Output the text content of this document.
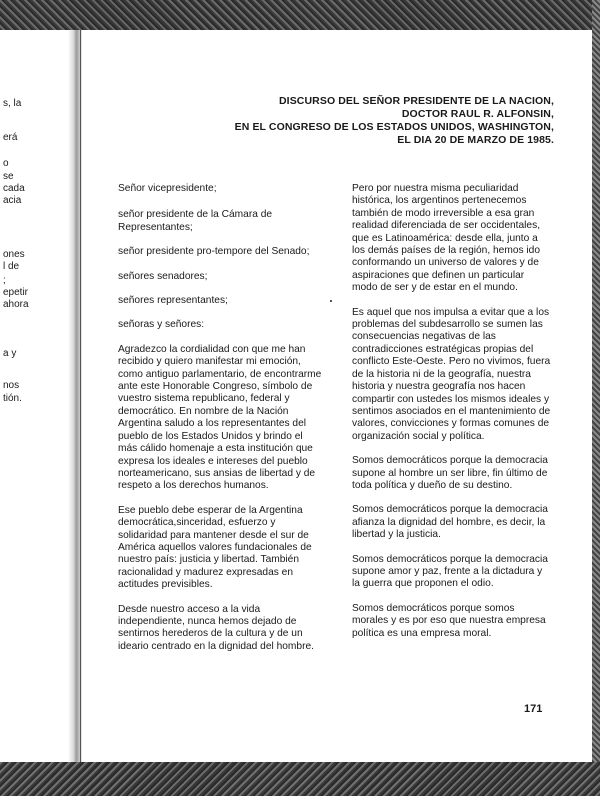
s, la
erá
o
se
cada
acia
ones
l de
;
epetir
ahora
a y
nos
tión.
DISCURSO DEL SEÑOR PRESIDENTE DE LA NACION,
DOCTOR RAUL R. ALFONSIN,
EN EL CONGRESO DE LOS ESTADOS UNIDOS, WASHINGTON,
EL DIA 20 DE MARZO DE 1985.

Señor vicepresidente;

señor presidente de la Cámara de Representantes;

señor presidente pro-tempore del Senado;

señores senadores;

señores representantes;

señoras y señores:

Agradezco la cordialidad con que me han recibido y quiero manifestar mi emoción, como antiguo parlamentario, de encontrarme ante este Honorable Congreso, símbolo de vuestro sistema republicano, federal y democrático. En nombre de la Nación Argentina saludo a los representantes del pueblo de los Estados Unidos y brindo el más cálido homenaje a esta institución que expresa los ideales e intereses del pueblo norteamericano, sus ansias de libertad y de respeto a los derechos humanos.

Ese pueblo debe esperar de la Argentina democrática,sinceridad, esfuerzo y solidaridad para mantener desde el sur de América aquellos valores fundacionales de nuestro país: justicia y libertad. También racionalidad y madurez expresadas en actitudes previsibles.

Desde nuestro acceso a la vida independiente, nunca hemos dejado de sentirnos herederos de la cultura y de un ideario centrado en la dignidad del hombre.

Pero por nuestra misma peculiaridad histórica, los argentinos pertenecemos también de modo irreversible a esa gran realidad diferenciada de ser occidentales, que es Latinoamérica: desde ella, junto a los demás países de la región, hemos ido conformando un universo de valores y de aspiraciones que definen un particular modo de ser y de estar en el mundo.

Es aquel que nos impulsa a evitar que a los problemas del subdesarrollo se sumen las consecuencias negativas de las contradicciones estratégicas propias del conflicto Este-Oeste. Pero no vivimos, fuera de la historia ni de la geografía, nuestra historia y nuestra geografía nos hacen compartir con ustedes los mismos ideales y sentimos asociados en el mantenimiento de valores, convicciones y formas comunes de organización social y política.

Somos democráticos porque la democracia supone al hombre un ser libre, fin último de toda política y dueño de su destino.

Somos democráticos porque la democracia afianza la dignidad del hombre, es decir, la libertad y la justicia.

Somos democráticos porque la democracia supone amor y paz, frente a la dictadura y la guerra que proponen el odio.

Somos democráticos porque somos morales y es por eso que nuestra empresa política es una empresa moral.

171
